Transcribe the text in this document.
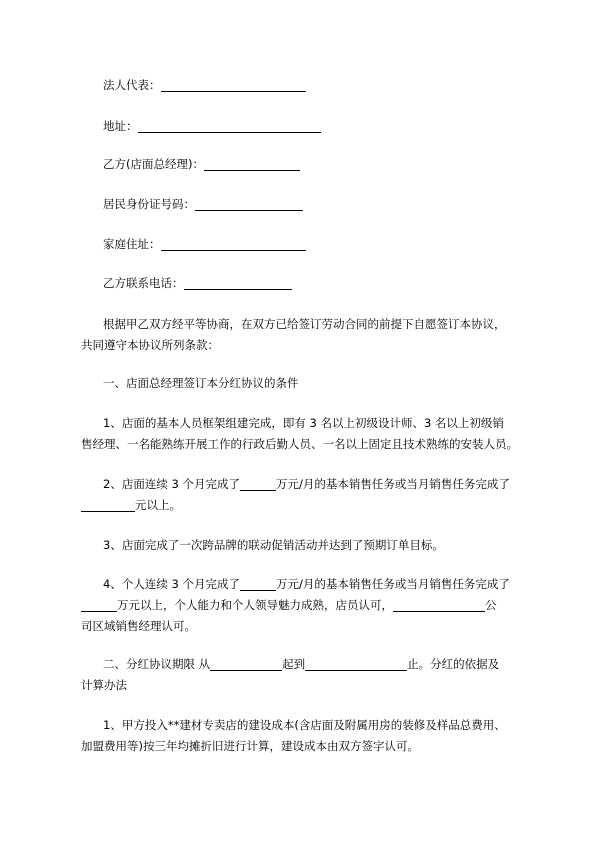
法人代表：
地址：
乙方(店面总经理)：
居民身份证号码：
家庭住址：
乙方联系电话：
根据甲乙双方经平等协商，在双方已给签订劳动合同的前提下自愿签订本协议，
共同遵守本协议所列条款：
一、店面总经理签订本分红协议的条件
1、店面的基本人员框架组建完成，即有 3 名以上初级设计师、3 名以上初级销
售经理、一名能熟练开展工作的行政后勤人员、一名以上固定且技术熟练的安装人员。
2、店面连续 3 个月完成了	万元/月的基本销售任务或当月销售任务完成了
元以上。
3、店面完成了一次跨品牌的联动促销活动并达到了预期订单目标。
4、个人连续 3 个月完成了	万元/月的基本销售任务或当月销售任务完成了
万元以上，个人能力和个人领导魅力成熟，店员认可，	公
司区域销售经理认可。
二、分红协议期限 从	起到	止。分红的依据及
计算办法
1、甲方投入**建材专卖店的建设成本(含店面及附属用房的装修及样品总费用、
加盟费用等)按三年均摊折旧进行计算，建设成本由双方签字认可。
